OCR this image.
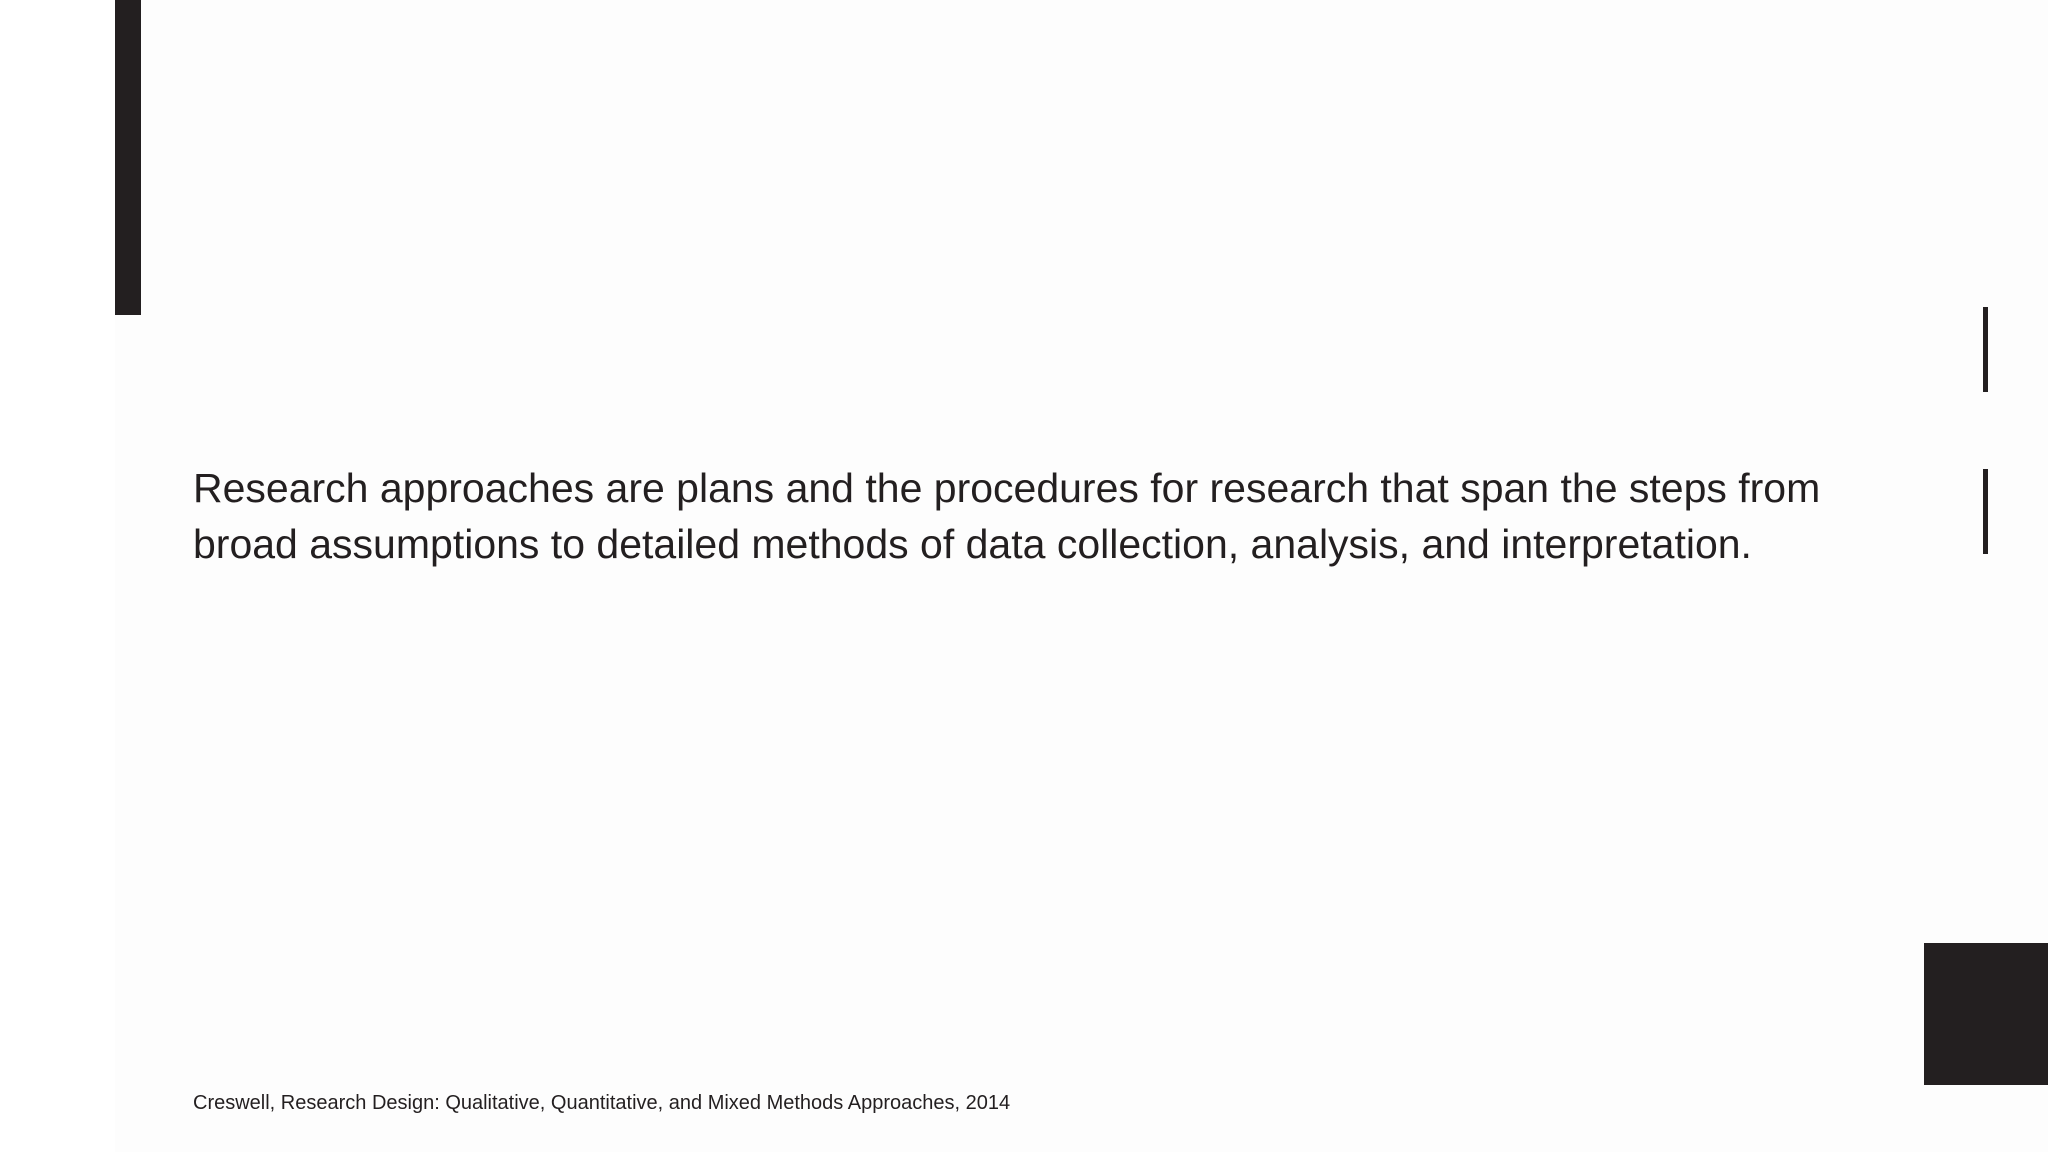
Research approaches are plans and the procedures for research that span the steps from broad assumptions to detailed methods of data collection, analysis, and interpretation.

Creswell, Research Design: Qualitative, Quantitative, and Mixed Methods Approaches, 2014
